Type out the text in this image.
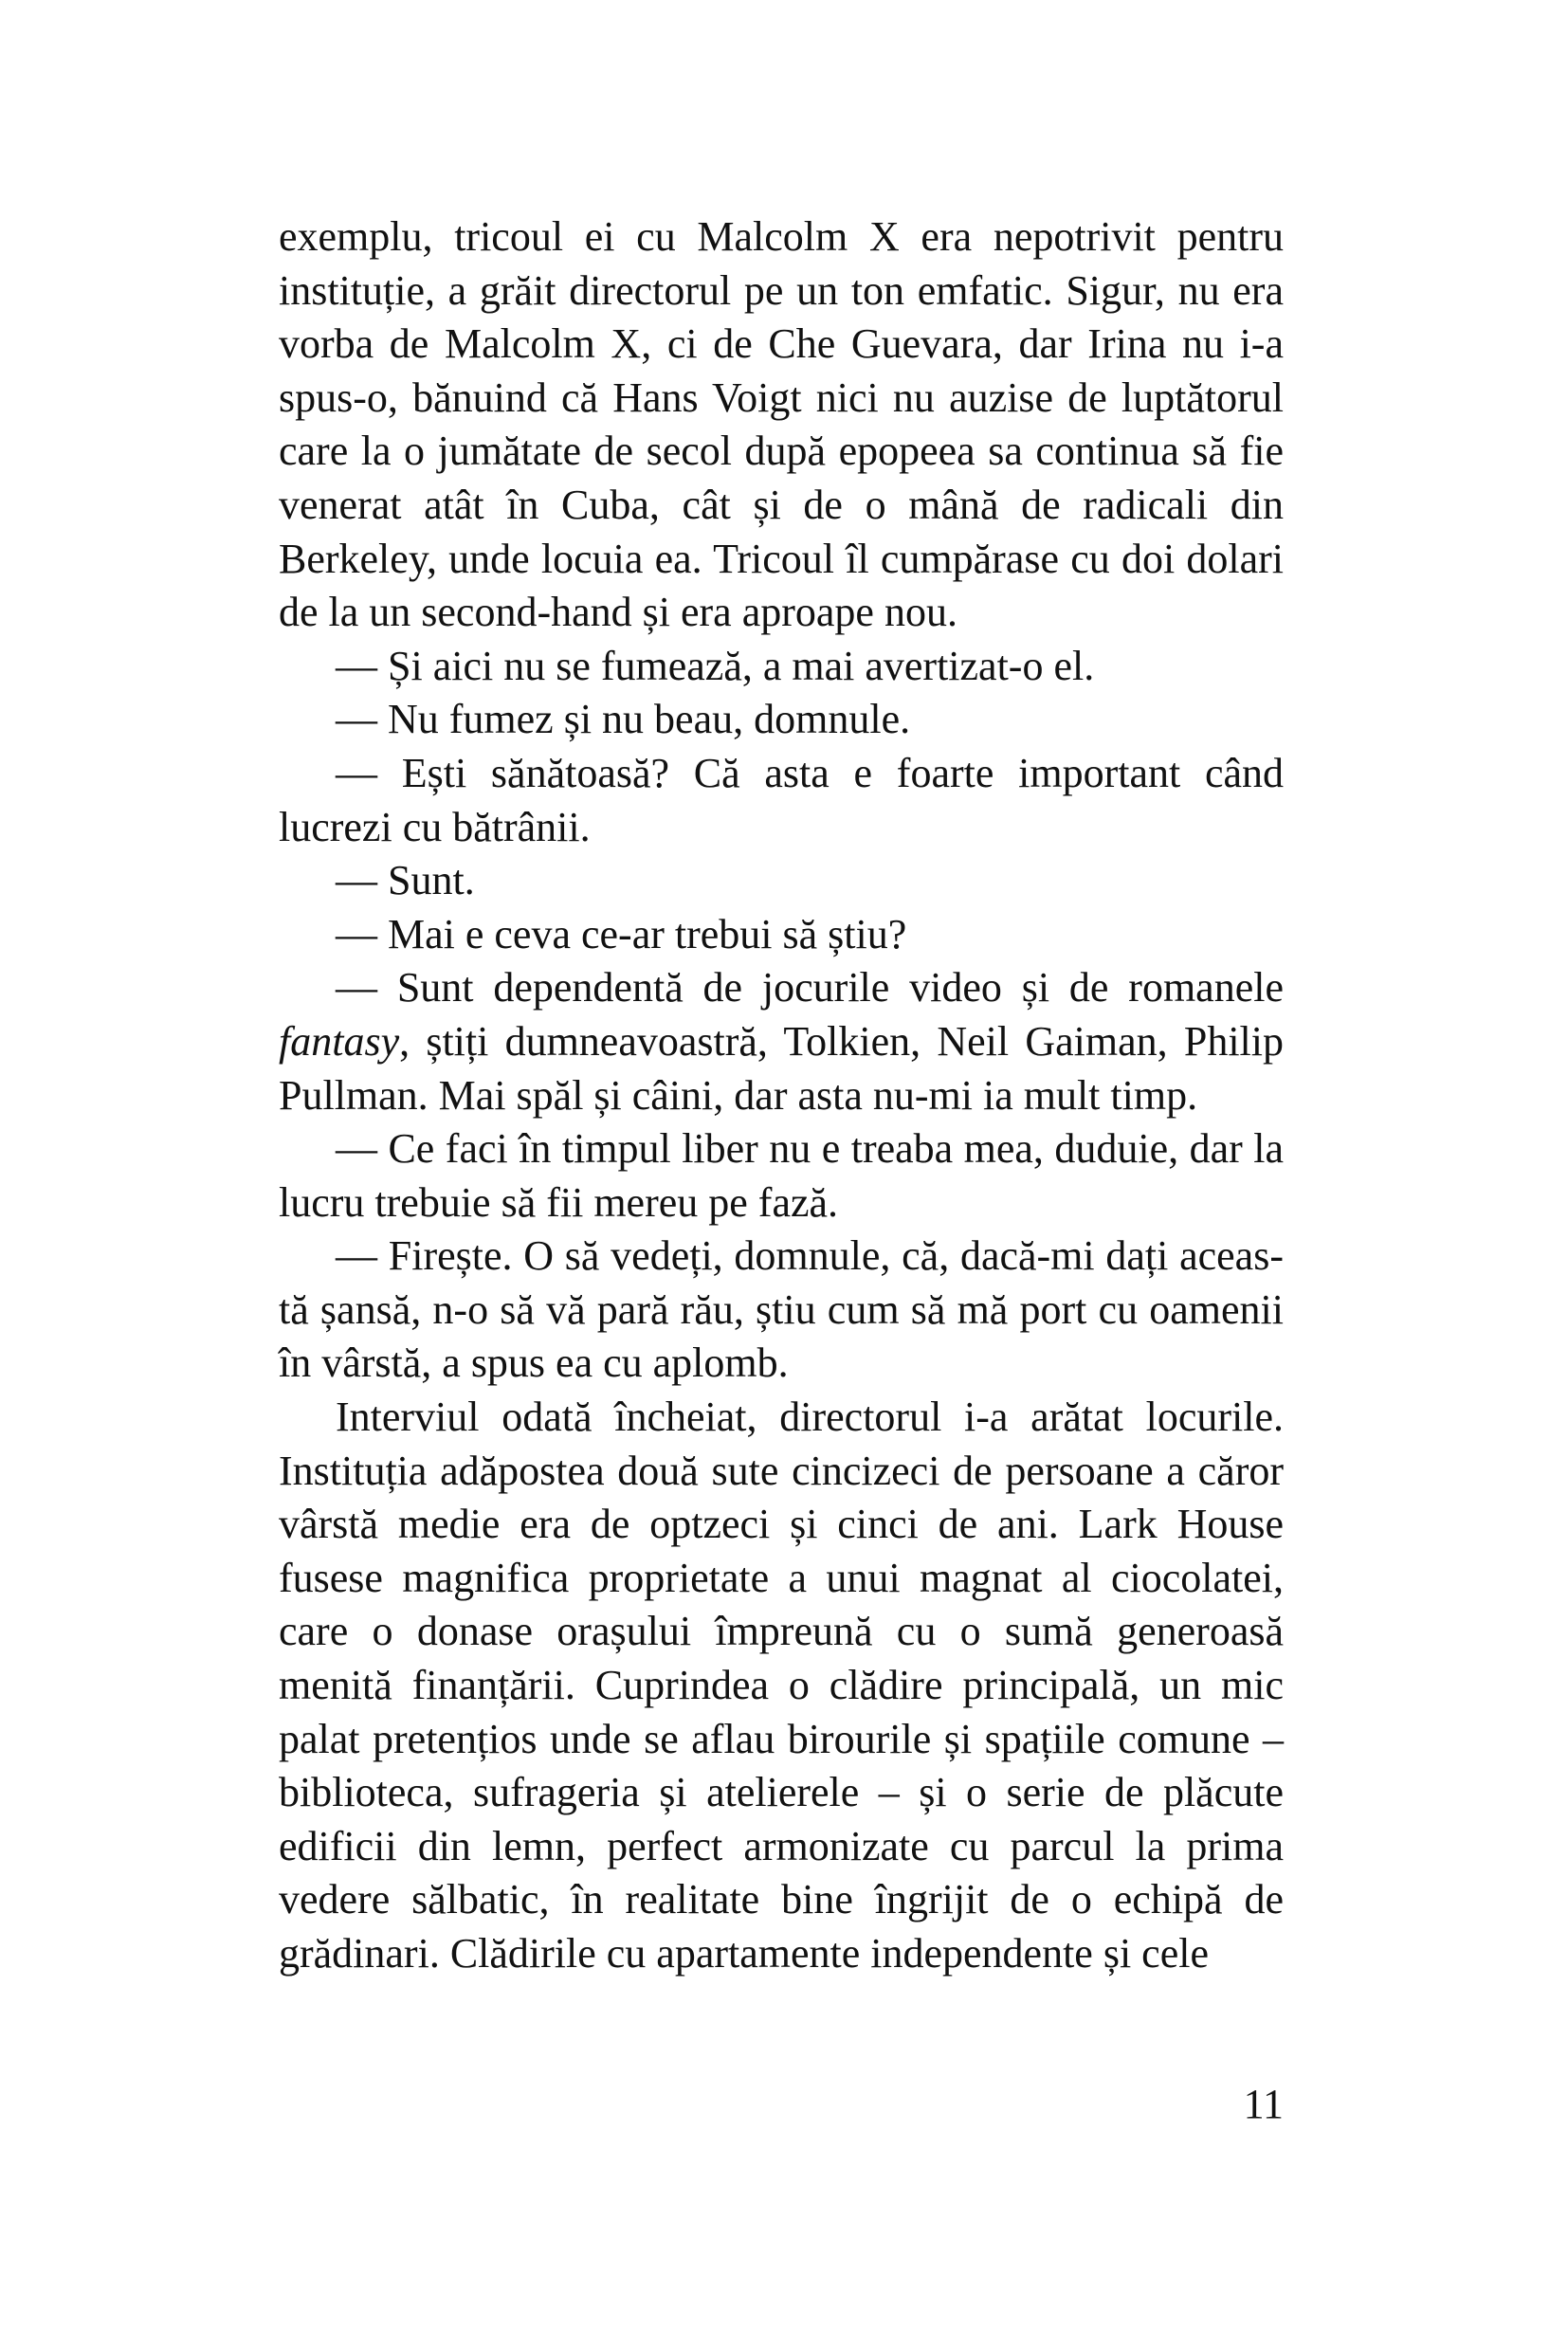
exemplu, tricoul ei cu Malcolm X era nepotrivit pentru instituție, a grăit directorul pe un ton emfatic. Sigur, nu era vorba de Malcolm X, ci de Che Guevara, dar Irina nu i-a spus-o, bănuind că Hans Voigt nici nu auzise de luptătorul care la o jumătate de secol după epopeea sa continua să fie venerat atât în Cuba, cât și de o mână de radicali din Berkeley, unde locuia ea. Tricoul îl cumpărase cu doi dolari de la un second-hand și era aproape nou.

— Și aici nu se fumează, a mai avertizat-o el.

— Nu fumez și nu beau, domnule.

— Ești sănătoasă? Că asta e foarte important când lucrezi cu bătrânii.

— Sunt.

— Mai e ceva ce-ar trebui să știu?

— Sunt dependentă de jocurile video și de romanele fantasy, știți dumneavoastră, Tolkien, Neil Gaiman, Philip Pullman. Mai spăl și câini, dar asta nu-mi ia mult timp.

— Ce faci în timpul liber nu e treaba mea, duduie, dar la lucru trebuie să fii mereu pe fază.

— Firește. O să vedeți, domnule, că, dacă-mi dați această șansă, n-o să vă pară rău, știu cum să mă port cu oamenii în vârstă, a spus ea cu aplomb.

Interviul odată încheiat, directorul i-a arătat locurile. Instituția adăpostea două sute cincizeci de persoane a căror vârstă medie era de optzeci și cinci de ani. Lark House fusese magnifica proprietate a unui magnat al ciocolatei, care o donase orașului împreună cu o sumă generoasă menită finanțării. Cuprindea o clădire principală, un mic palat pretențios unde se aflau birourile și spațiile comune – biblioteca, sufrageria și atelierele – și o serie de plăcute edificii din lemn, perfect armonizate cu parcul la prima vedere sălbatic, în realitate bine îngrijit de o echipă de grădinari. Clădirile cu apartamente independente și cele

11
